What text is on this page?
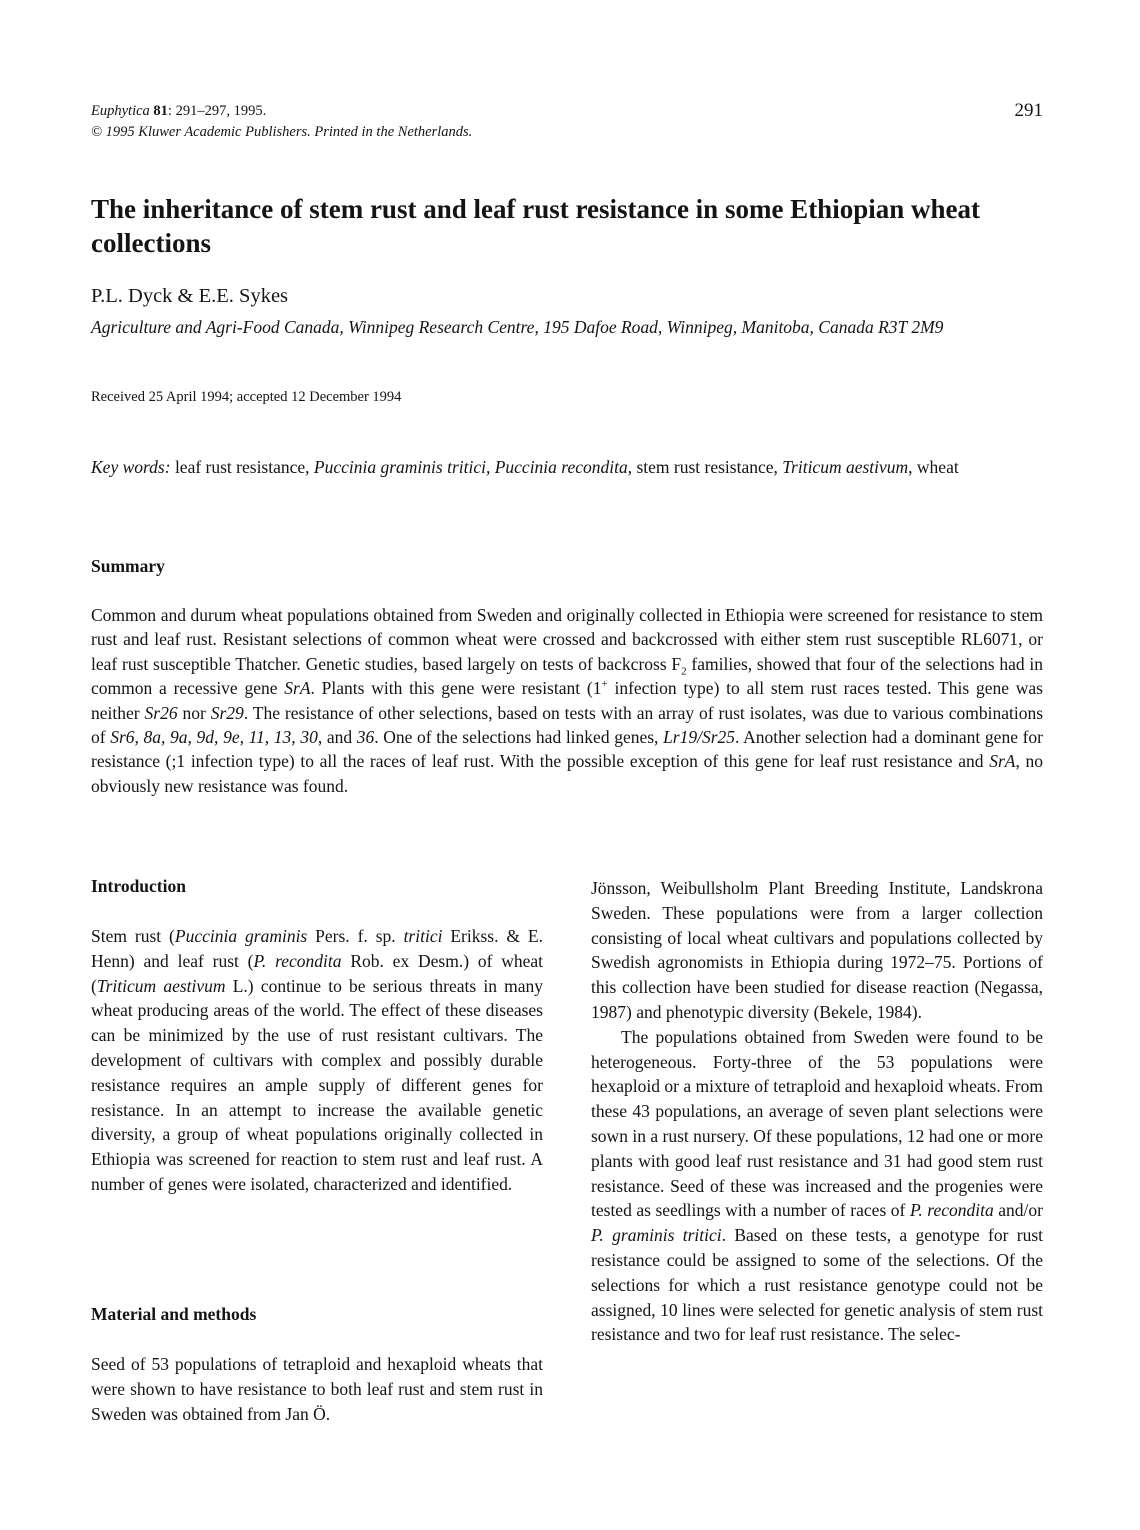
Euphytica 81: 291–297, 1995.
© 1995 Kluwer Academic Publishers. Printed in the Netherlands.
291
The inheritance of stem rust and leaf rust resistance in some Ethiopian wheat collections
P.L. Dyck & E.E. Sykes
Agriculture and Agri-Food Canada, Winnipeg Research Centre, 195 Dafoe Road, Winnipeg, Manitoba, Canada R3T 2M9
Received 25 April 1994; accepted 12 December 1994
Key words: leaf rust resistance, Puccinia graminis tritici, Puccinia recondita, stem rust resistance, Triticum aestivum, wheat
Summary
Common and durum wheat populations obtained from Sweden and originally collected in Ethiopia were screened for resistance to stem rust and leaf rust. Resistant selections of common wheat were crossed and backcrossed with either stem rust susceptible RL6071, or leaf rust susceptible Thatcher. Genetic studies, based largely on tests of backcross $F_2$ families, showed that four of the selections had in common a recessive gene SrA. Plants with this gene were resistant (1+ infection type) to all stem rust races tested. This gene was neither Sr26 nor Sr29. The resistance of other selections, based on tests with an array of rust isolates, was due to various combinations of Sr6, 8a, 9a, 9d, 9e, 11, 13, 30, and 36. One of the selections had linked genes, Lr19/Sr25. Another selection had a dominant gene for resistance (;1 infection type) to all the races of leaf rust. With the possible exception of this gene for leaf rust resistance and SrA, no obviously new resistance was found.
Introduction

Stem rust (Puccinia graminis Pers. f. sp. tritici Erikss. & E. Henn) and leaf rust (P. recondita Rob. ex Desm.) of wheat (Triticum aestivum L.) continue to be serious threats in many wheat producing areas of the world. The effect of these diseases can be minimized by the use of rust resistant cultivars. The development of cultivars with complex and possibly durable resistance requires an ample supply of different genes for resistance. In an attempt to increase the available genetic diversity, a group of wheat populations originally collected in Ethiopia was screened for reaction to stem rust and leaf rust. A number of genes were isolated, characterized and identified.

Material and methods

Seed of 53 populations of tetraploid and hexaploid wheats that were shown to have resistance to both leaf rust and stem rust in Sweden was obtained from Jan Ö.

Jönsson, Weibullsholm Plant Breeding Institute, Landskrona Sweden. These populations were from a larger collection consisting of local wheat cultivars and populations collected by Swedish agronomists in Ethiopia during 1972–75. Portions of this collection have been studied for disease reaction (Negassa, 1987) and phenotypic diversity (Bekele, 1984).

The populations obtained from Sweden were found to be heterogeneous. Forty-three of the 53 populations were hexaploid or a mixture of tetraploid and hexaploid wheats. From these 43 populations, an average of seven plant selections were sown in a rust nursery. Of these populations, 12 had one or more plants with good leaf rust resistance and 31 had good stem rust resistance. Seed of these was increased and the progenies were tested as seedlings with a number of races of P. recondita and/or P. graminis tritici. Based on these tests, a genotype for rust resistance could be assigned to some of the selections. Of the selections for which a rust resistance genotype could not be assigned, 10 lines were selected for genetic analysis of stem rust resistance and two for leaf rust resistance. The selec-
